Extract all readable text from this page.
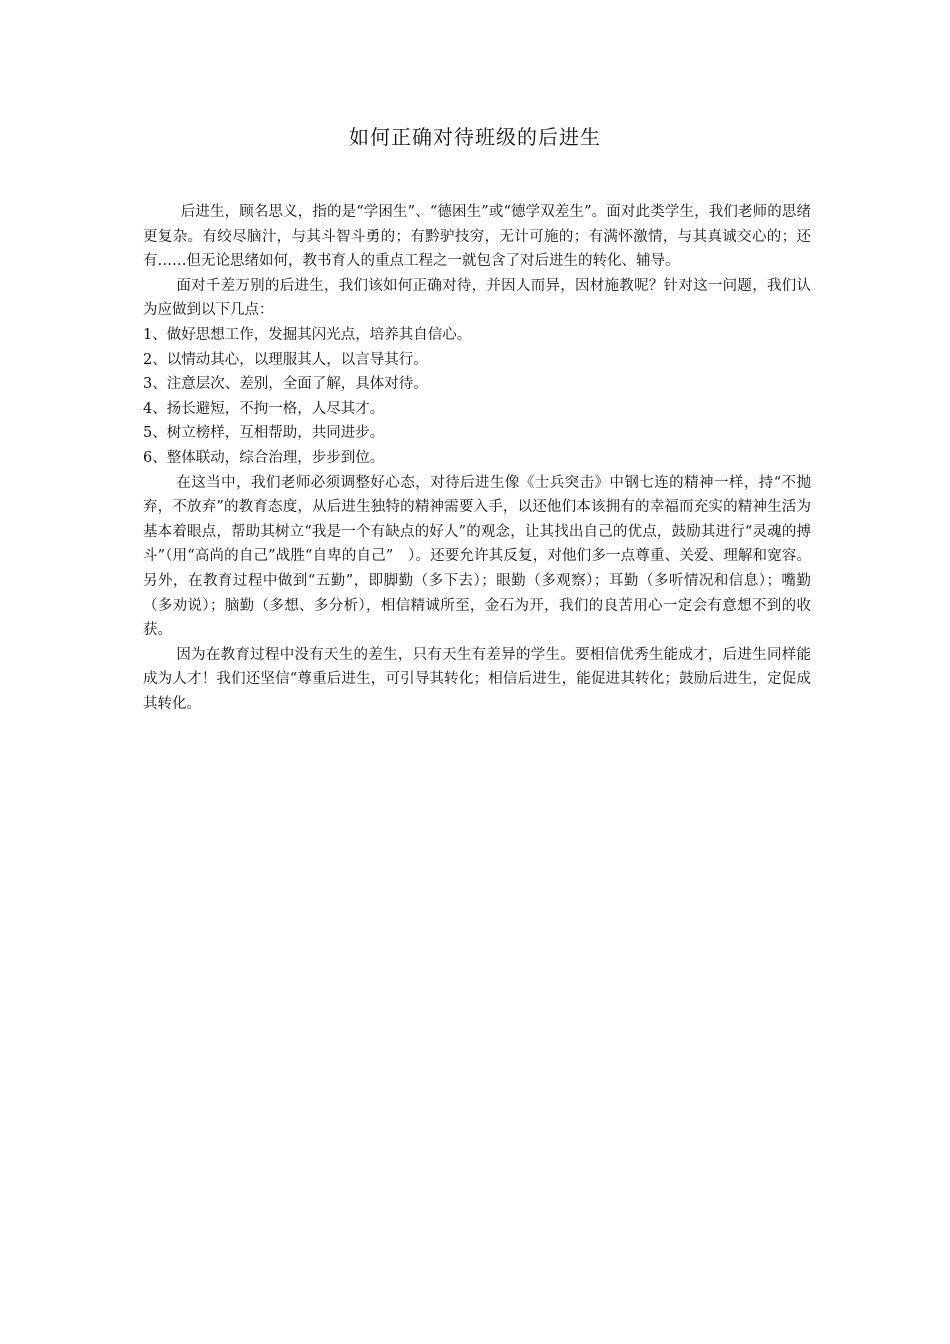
如何正确对待班级的后进生

后进生，顾名思义，指的是“学困生”、“德困生”或“德学双差生”。面对此类学生，我们老师的思绪更复杂。有绞尽脑汁，与其斗智斗勇的；有黔驴技穷，无计可施的；有满怀激情，与其真诚交心的；还有……但无论思绪如何，教书育人的重点工程之一就包含了对后进生的转化、辅导。

面对千差万别的后进生，我们该如何正确对待，并因人而异，因材施教呢？针对这一问题，我们认为应做到以下几点：

1、做好思想工作，发掘其闪光点，培养其自信心。

2、以情动其心，以理服其人，以言导其行。

3、注意层次、差别，全面了解，具体对待。

4、扬长避短，不拘一格，人尽其才。

5、树立榜样，互相帮助，共同进步。

6、整体联动，综合治理，步步到位。

在这当中，我们老师必须调整好心态，对待后进生像《士兵突击》中钢七连的精神一样，持“不抛弃，不放弃”的教育态度，从后进生独特的精神需要入手，以还他们本该拥有的幸福而充实的精神生活为基本着眼点，帮助其树立“我是一个有缺点的好人”的观念，让其找出自己的优点，鼓励其进行“灵魂的搏斗”（用“高尚的自己”战胜“自卑的自己”　）。还要允许其反复，对他们多一点尊重、关爱、理解和宽容。另外，在教育过程中做到“五勤”，即脚勤（多下去）；眼勤（多观察）；耳勤（多听情况和信息）；嘴勤（多劝说）；脑勤（多想、多分析），相信精诚所至，金石为开，我们的良苦用心一定会有意想不到的收获。

因为在教育过程中没有天生的差生，只有天生有差异的学生。要相信优秀生能成才，后进生同样能成为人才！我们还坚信“尊重后进生，可引导其转化；相信后进生，能促进其转化；鼓励后进生，定促成其转化。
